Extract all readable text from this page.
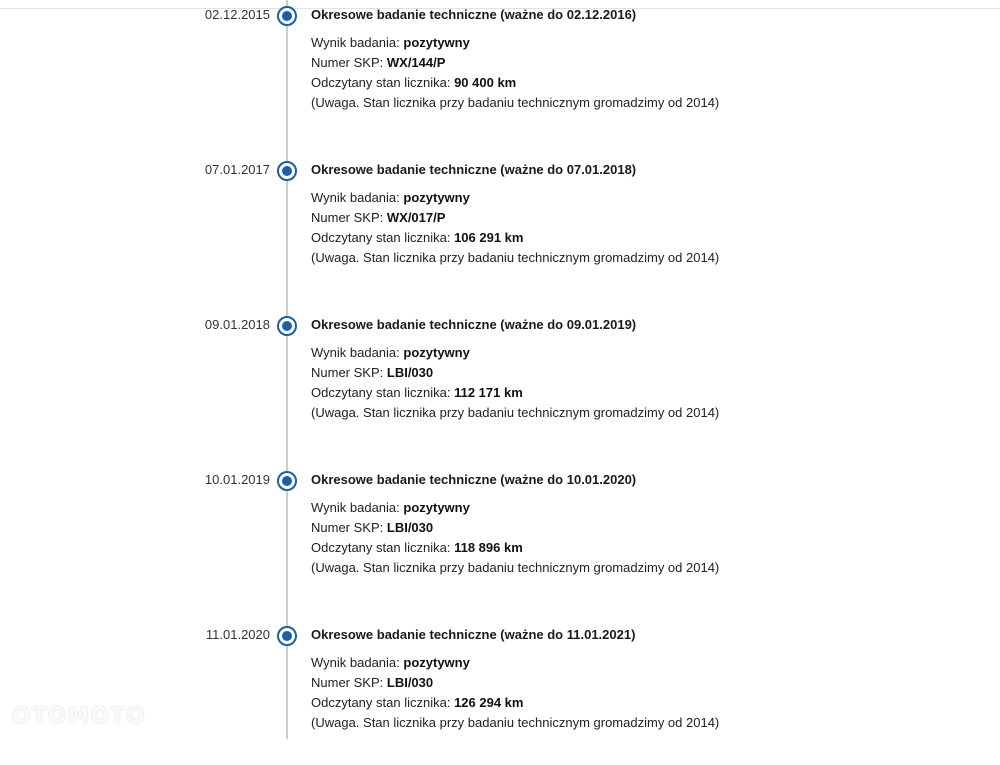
02.12.2015	Okresowe badanie techniczne (ważne do 02.12.2016)
Wynik badania: pozytywny
Numer SKP: WX/144/P
Odczytany stan licznika: 90 400 km
(Uwaga. Stan licznika przy badaniu technicznym gromadzimy od 2014)
07.01.2017	Okresowe badanie techniczne (ważne do 07.01.2018)
Wynik badania: pozytywny
Numer SKP: WX/017/P
Odczytany stan licznika: 106 291 km
(Uwaga. Stan licznika przy badaniu technicznym gromadzimy od 2014)
09.01.2018	Okresowe badanie techniczne (ważne do 09.01.2019)
Wynik badania: pozytywny
Numer SKP: LBI/030
Odczytany stan licznika: 112 171 km
(Uwaga. Stan licznika przy badaniu technicznym gromadzimy od 2014)
10.01.2019	Okresowe badanie techniczne (ważne do 10.01.2020)
Wynik badania: pozytywny
Numer SKP: LBI/030
Odczytany stan licznika: 118 896 km
(Uwaga. Stan licznika przy badaniu technicznym gromadzimy od 2014)
11.01.2020	Okresowe badanie techniczne (ważne do 11.01.2021)
Wynik badania: pozytywny
Numer SKP: LBI/030
Odczytany stan licznika: 126 294 km
(Uwaga. Stan licznika przy badaniu technicznym gromadzimy od 2014)
OTOMOTO
